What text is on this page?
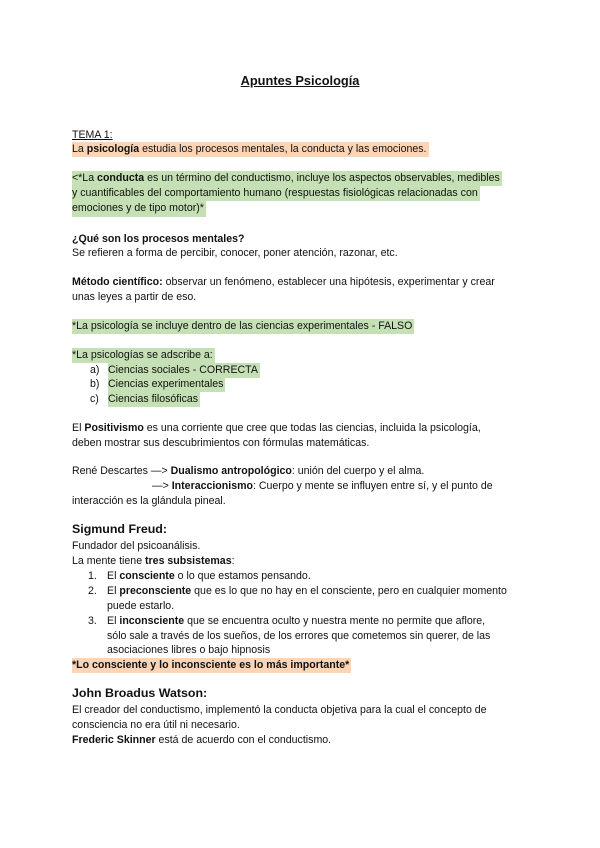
Apuntes Psicología
TEMA 1:
La psicología estudia los procesos mentales, la conducta y las emociones.
<*La conducta es un término del conductismo, incluye los aspectos observables, medibles
y cuantificables del comportamiento humano (respuestas fisiológicas relacionadas con
emociones y de tipo motor)*
¿Qué son los procesos mentales?
Se refieren a forma de percibir, conocer, poner atención, razonar, etc.
Método científico: observar un fenómeno, establecer una hipótesis, experimentar y crear
unas leyes a partir de eso.
*La psicología se incluye dentro de las ciencias experimentales - FALSO
*La psicologías se adscribe a:
a) Ciencias sociales - CORRECTA
b) Ciencias experimentales
c) Ciencias filosóficas
El Positivismo es una corriente que cree que todas las ciencias, incluida la psicología,
deben mostrar sus descubrimientos con fórmulas matemáticas.
René Descartes —> Dualismo antropológico: unión del cuerpo y el alma.
—> Interaccionismo: Cuerpo y mente se influyen entre sí, y el punto de
interacción es la glándula pineal.
Sigmund Freud:
Fundador del psicoanálisis.
La mente tiene tres subsistemas:
1. El consciente o lo que estamos pensando.
2. El preconsciente que es lo que no hay en el consciente, pero en cualquier momento
puede estarlo.
3. El inconsciente que se encuentra oculto y nuestra mente no permite que aflore,
sólo sale a través de los sueños, de los errores que cometemos sin querer, de las
asociaciones libres o bajo hipnosis
*Lo consciente y lo inconsciente es lo más importante*
John Broadus Watson:
El creador del conductismo, implementó la conducta objetiva para la cual el concepto de
consciencia no era útil ni necesario.
Frederic Skinner está de acuerdo con el conductismo.
